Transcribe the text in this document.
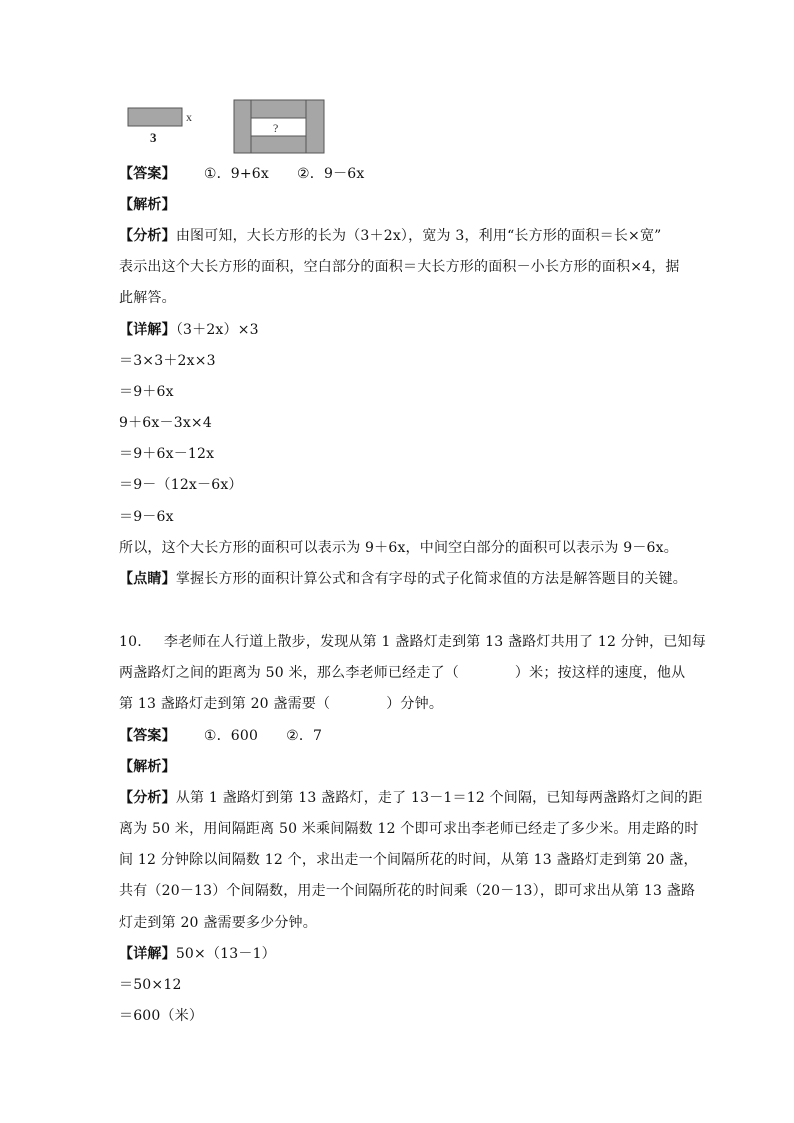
3
x
?
【答案】 ①．9+6x ②．9－6x
【解析】
【分析】由图可知，大长方形的长为（3＋2x），宽为 3，利用“长方形的面积＝长×宽”
表示出这个大长方形的面积，空白部分的面积＝大长方形的面积－小长方形的面积×4，据
此解答。
【详解】（3＋2x）×3
＝3×3＋2x×3
＝9＋6x
9＋6x－3x×4
＝9＋6x－12x
＝9－（12x－6x）
＝9－6x
所以，这个大长方形的面积可以表示为 9＋6x，中间空白部分的面积可以表示为 9－6x。
【点睛】掌握长方形的面积计算公式和含有字母的式子化简求值的方法是解答题目的关键。
10. 李老师在人行道上散步，发现从第 1 盏路灯走到第 13 盏路灯共用了 12 分钟，已知每
两盏路灯之间的距离为 50 米，那么李老师已经走了（	）米；按这样的速度，他从
第 13 盏路灯走到第 20 盏需要（	）分钟。
【答案】 ①．600 ②．7
【解析】
【分析】从第 1 盏路灯到第 13 盏路灯，走了 13－1＝12 个间隔，已知每两盏路灯之间的距
离为 50 米，用间隔距离 50 米乘间隔数 12 个即可求出李老师已经走了多少米。用走路的时
间 12 分钟除以间隔数 12 个，求出走一个间隔所花的时间，从第 13 盏路灯走到第 20 盏，
共有（20－13）个间隔数，用走一个间隔所花的时间乘（20－13），即可求出从第 13 盏路
灯走到第 20 盏需要多少分钟。
【详解】50×（13－1）
＝50×12
＝600（米）
